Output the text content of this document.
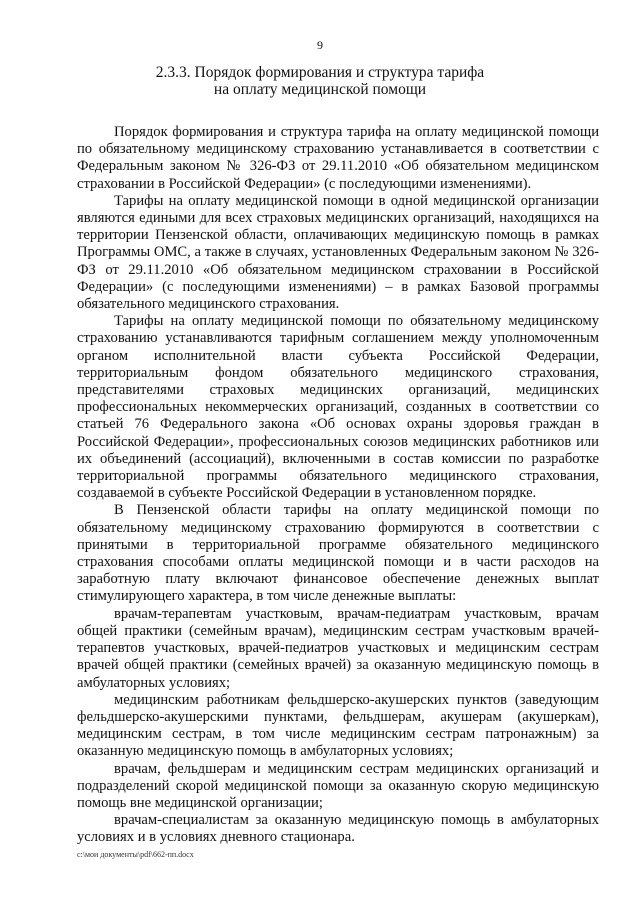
9
2.3.3. Порядок формирования и структура тарифа
на оплату медицинской помощи

Порядок формирования и структура тарифа на оплату медицинской помощи по обязательному медицинскому страхованию устанавливается в соответствии с Федеральным законом № 326-ФЗ от 29.11.2010 «Об обязательном медицинском страховании в Российской Федерации» (с последующими изменениями).

Тарифы на оплату медицинской помощи в одной медицинской организации являются едиными для всех страховых медицинских организаций, находящихся на территории Пензенской области, оплачивающих медицинскую помощь в рамках Программы ОМС, а также в случаях, установленных Федеральным законом № 326-ФЗ от 29.11.2010 «Об обязательном медицинском страховании в Российской Федерации» (с последующими изменениями) – в рамках Базовой программы обязательного медицинского страхования.

Тарифы на оплату медицинской помощи по обязательному медицинскому страхованию устанавливаются тарифным соглашением между уполномоченным органом исполнительной власти субъекта Российской Федерации, территориальным фондом обязательного медицинского страхования, представителями страховых медицинских организаций, медицинских профессиональных некоммерческих организаций, созданных в соответствии со статьей 76 Федерального закона «Об основах охраны здоровья граждан в Российской Федерации», профессиональных союзов медицинских работников или их объединений (ассоциаций), включенными в состав комиссии по разработке территориальной программы обязательного медицинского страхования, создаваемой в субъекте Российской Федерации в установленном порядке.

В Пензенской области тарифы на оплату медицинской помощи по обязательному медицинскому страхованию формируются в соответствии с принятыми в территориальной программе обязательного медицинского страхования способами оплаты медицинской помощи и в части расходов на заработную плату включают финансовое обеспечение денежных выплат стимулирующего характера, в том числе денежные выплаты:

врачам-терапевтам участковым, врачам-педиатрам участковым, врачам общей практики (семейным врачам), медицинским сестрам участковым врачей-терапевтов участковых, врачей-педиатров участковых и медицинским сестрам врачей общей практики (семейных врачей) за оказанную медицинскую помощь в амбулаторных условиях;

медицинским работникам фельдшерско-акушерских пунктов (заведующим фельдшерско-акушерскими пунктами, фельдшерам, акушерам (акушеркам), медицинским сестрам, в том числе медицинским сестрам патронажным) за оказанную медицинскую помощь в амбулаторных условиях;

врачам, фельдшерам и медицинским сестрам медицинских организаций и подразделений скорой медицинской помощи за оказанную скорую медицинскую помощь вне медицинской организации;

врачам-специалистам за оказанную медицинскую помощь в амбулаторных условиях и в условиях дневного стационара.

c:\мои документы\pdf\662-пп.docx
